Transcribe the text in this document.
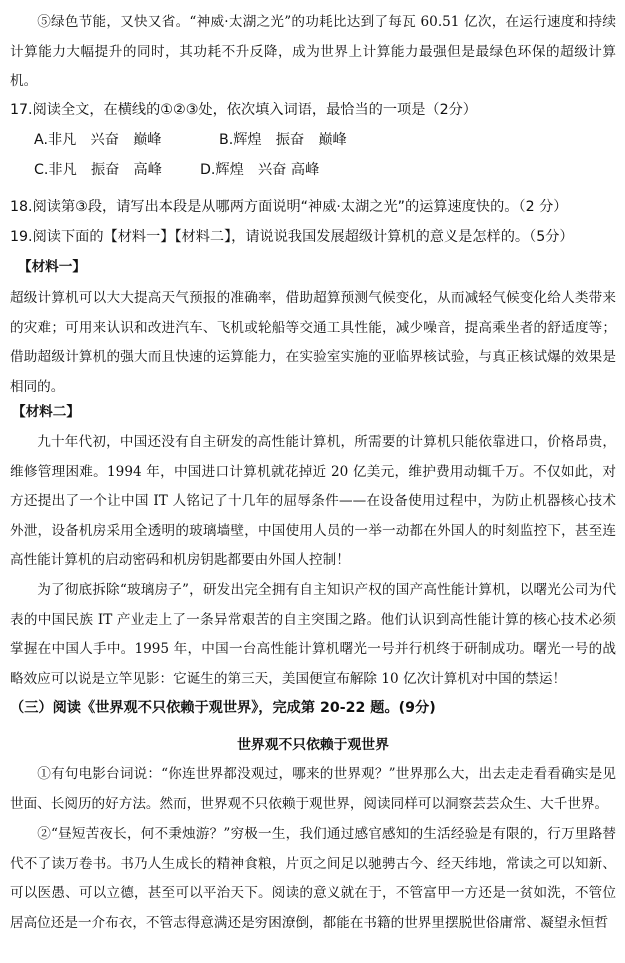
⑤绿色节能，又快又省。“神威·太湖之光”的功耗比达到了每瓦 60.51 亿次，在运行速度和持续计算能力大幅提升的同时，其功耗不升反降，成为世界上计算能力最强但是最绿色环保的超级计算机。

17.阅读全文，在横线的①②③处，依次填入词语，最恰当的一项是（2分）

A.非凡　兴奋　巅峰	B.辉煌　振奋　巅峰
C.非凡　振奋　高峰	D.辉煌　兴奋 高峰

18.阅读第③段，请写出本段是从哪两方面说明“神威·太湖之光”的运算速度快的。（2 分）

19.阅读下面的【材料一】【材料二】，请说说我国发展超级计算机的意义是怎样的。（5分）

【材料一】

超级计算机可以大大提高天气预报的准确率，借助超算预测气候变化，从而减轻气候变化给人类带来的灾难；可用来认识和改进汽车、飞机或轮船等交通工具性能，减少噪音，提高乘坐者的舒适度等；借助超级计算机的强大而且快速的运算能力，在实验室实施的亚临界核试验，与真正核试爆的效果是相同的。

【材料二】

九十年代初，中国还没有自主研发的高性能计算机，所需要的计算机只能依靠进口，价格昂贵，维修管理困难。1994 年，中国进口计算机就花掉近 20 亿美元，维护费用动辄千万。不仅如此，对方还提出了一个让中国 IT 人铭记了十几年的屈辱条件——在设备使用过程中，为防止机器核心技术外泄，设备机房采用全透明的玻璃墙壁，中国使用人员的一举一动都在外国人的时刻监控下，甚至连高性能计算机的启动密码和机房钥匙都要由外国人控制！

为了彻底拆除“玻璃房子”，研发出完全拥有自主知识产权的国产高性能计算机，以曙光公司为代表的中国民族 IT 产业走上了一条异常艰苦的自主突围之路。他们认识到高性能计算的核心技术必须掌握在中国人手中。1995 年，中国一台高性能计算机曙光一号并行机终于研制成功。曙光一号的战略效应可以说是立竿见影：它诞生的第三天，美国便宣布解除 10 亿次计算机对中国的禁运！

（三）阅读《世界观不只依赖于观世界》，完成第 20-22 题。(9分)
世界观不只依赖于观世界

①有句电影台词说：“你连世界都没观过，哪来的世界观？”世界那么大，出去走走看看确实是见世面、长阅历的好方法。然而，世界观不只依赖于观世界，阅读同样可以洞察芸芸众生、大千世界。

②“昼短苦夜长，何不秉烛游？”穷极一生，我们通过感官感知的生活经验是有限的，行万里路替代不了读万卷书。书乃人生成长的精神食粮，片页之间足以驰骋古今、经天纬地，常读之可以知新、可以医愚、可以立德，甚至可以平治天下。阅读的意义就在于，不管富甲一方还是一贫如洗，不管位居高位还是一介布衣，不管志得意满还是穷困潦倒，都能在书籍的世界里摆脱世俗庸常、凝望永恒哲
